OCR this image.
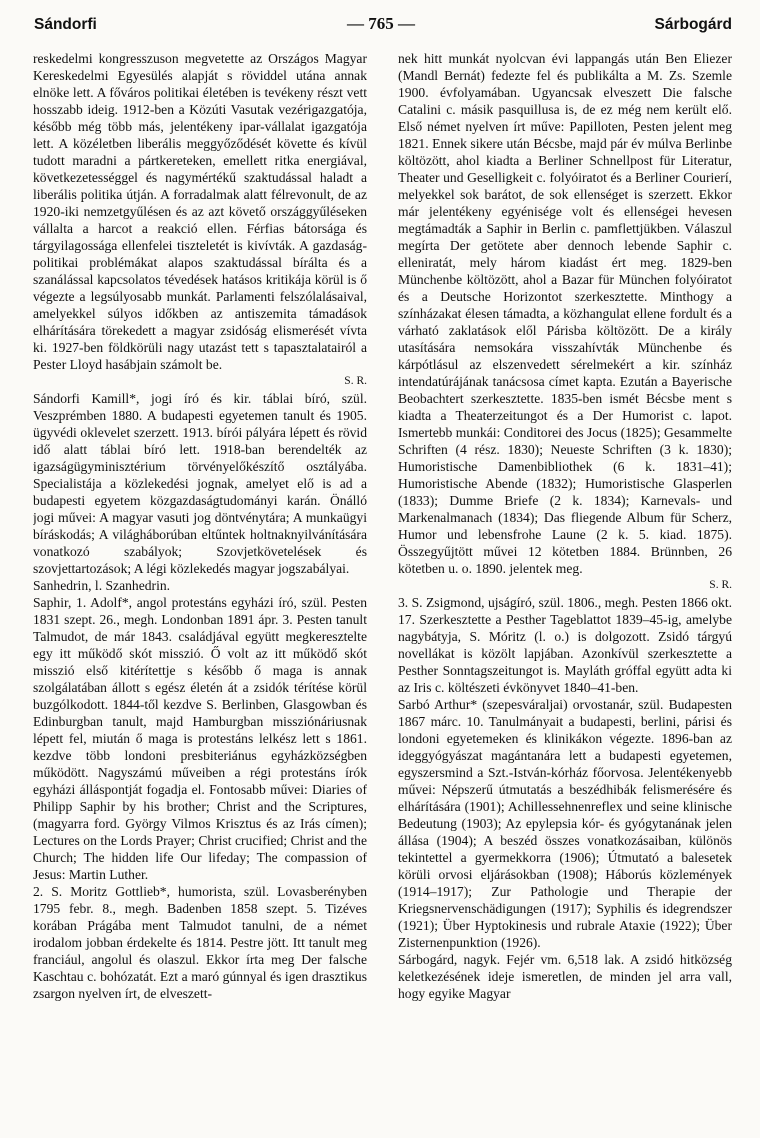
Sándorfi	— 765 —	Sárbogárd

reskedelmi kongresszuson megvetette az Országos Magyar Kereskedelmi Egyesülés alapját s röviddel utána annak elnöke lett. A főváros politikai életében is tevékeny részt vett hosszabb ideig. 1912-ben a Közúti Vasutak vezérigazgatója, később még több más, jelentékeny ipar-vállalat igazgatója lett. A közéletben liberális meggyőződését követte és kívül tudott maradni a pártkereteken, emellett ritka energiával, következetességgel és nagymértékű szaktudással haladt a liberális politika útján. A forradalmak alatt félrevonult, de az 1920-iki nemzetgyűlésen és az azt követő országgyűléseken vállalta a harcot a reakció ellen. Férfias bátorsága és tárgyilagossága ellenfelei tiszteletét is kivívták. A gazdaság-politikai problémákat alapos szaktudással bírálta és a szanálással kapcsolatos tévedések hatásos kritikája körül is ő végezte a legsúlyosabb munkát. Parlamenti felszólalásaival, amelyekkel súlyos időkben az antiszemita támadások elhárítására törekedett a magyar zsidóság elismerését vívta ki. 1927-ben földkörüli nagy utazást tett s tapasztalatairól a Pester Lloyd hasábjain számolt be.

S. R.

Sándorfi Kamill*, jogi író és kir. táblai bíró, szül. Veszprémben 1880. A budapesti egyetemen tanult és 1905. ügyvédi oklevelet szerzett. 1913. bírói pályára lépett és rövid idő alatt táblai bíró lett. 1918-ban berendelték az igazságügyminisztérium törvényelőkészítő osztályába. Specialistája a közlekedési jognak, amelyet elő is ad a budapesti egyetem közgazdaságtudományi karán. Önálló jogi művei: A magyar vasuti jog döntvénytára; A munkaügyi bíráskodás; A világháborúban eltűntek holtnaknyilvánítására vonatkozó szabályok; Szovjetkövetelések és szovjettartozások; A légi közlekedés magyar jogszabályai.

Sanhedrin, l. Szanhedrin.

Saphir, 1. Adolf*, angol protestáns egyházi író, szül. Pesten 1831 szept. 26., megh. Londonban 1891 ápr. 3. Pesten tanult Talmudot, de már 1843. családjával együtt megkeresztelte egy itt működő skót misszió. Ő volt az itt működő skót misszió első kitérítettje s később ő maga is annak szolgálatában állott s egész életén át a zsidók térítése körül buzgólkodott. 1844-től kezdve S. Berlinben, Glasgowban és Edinburgban tanult, majd Hamburgban missziónáriusnak lépett fel, miután ő maga is protestáns lelkész lett s 1861. kezdve több londoni presbiteriánus egyházközségben működött. Nagyszámú műveiben a régi protestáns írók egyházi álláspontját fogadja el. Fontosabb művei: Diaries of Philipp Saphir by his brother; Christ and the Scriptures, (magyarra ford. György Vilmos Krisztus és az Irás címen); Lectures on the Lords Prayer; Christ crucified; Christ and the Church; The hidden life Our lifeday; The compassion of Jesus: Martin Luther.

2. S. Moritz Gottlieb*, humorista, szül. Lovasberényben 1795 febr. 8., megh. Badenben 1858 szept. 5. Tizéves korában Prágába ment Talmudot tanulni, de a német irodalom jobban érdekelte és 1814. Pestre jött. Itt tanult meg franciául, angolul és olaszul. Ekkor írta meg Der falsche Kaschtau c. bohózatát. Ezt a maró gúnnyal és igen drasztikus zsargon nyelven írt, de elveszett-

nek hitt munkát nyolcvan évi lappangás után Ben Eliezer (Mandl Bernát) fedezte fel és publikálta a M. Zs. Szemle 1900. évfolyamában. Ugyancsak elveszett Die falsche Catalini c. másik pasquillusa is, de ez még nem került elő. Első német nyelven írt műve: Papilloten, Pesten jelent meg 1821. Ennek sikere után Bécsbe, majd pár év múlva Berlinbe költözött, ahol kiadta a Berliner Schnellpost für Literatur, Theater und Geselligkeit c. folyóiratot és a Berliner Courierí, melyekkel sok barátot, de sok ellenséget is szerzett. Ekkor már jelentékeny egyénisége volt és ellenségei hevesen megtámadták a Saphir in Berlin c. pamflettjükben. Válaszul megírta Der getötete aber dennoch lebende Saphir c. elleniratát, mely három kiadást ért meg. 1829-ben Münchenbe költözött, ahol a Bazar für München folyóiratot és a Deutsche Horizontot szerkesztette. Minthogy a színházakat élesen támadta, a közhangulat ellene fordult és a várható zaklatások elől Párisba költözött. De a király utasítására nemsokára visszahívták Münchenbe és kárpótlásul az elszenvedett sérelmekért a kir. színház intendatúrájának tanácsosa címet kapta. Ezután a Bayerische Beobachtert szerkesztette. 1835-ben ismét Bécsbe ment s kiadta a Theaterzeitungot és a Der Humorist c. lapot. Ismertebb munkái: Conditorei des Jocus (1825); Gesammelte Schriften (4 rész. 1830); Neueste Schriften (3 k. 1830); Humoristische Damenbibliothek (6 k. 1831–41); Humoristische Abende (1832); Humoristische Glasperlen (1833); Dumme Briefe (2 k. 1834); Karnevals- und Markenalmanach (1834); Das fliegende Album für Scherz, Humor und lebensfrohe Laune (2 k. 5. kiad. 1875). Összegyűjtött művei 12 kötetben 1884. Brünnben, 26 kötetben u. o. 1890. jelentek meg.

S. R.

3. S. Zsigmond, ujságíró, szül. 1806., megh. Pesten 1866 okt. 17. Szerkesztette a Pesther Tageblattot 1839–45-ig, amelybe nagybátyja, S. Móritz (l. o.) is dolgozott. Zsidó tárgyú novellákat is közölt lapjában. Azonkívül szerkesztette a Pesther Sonntagszeitungot is. Mayláth gróffal együtt adta ki az Iris c. költészeti évkönyvet 1840–41-ben.

Sarbó Arthur* (szepesváraljai) orvostanár, szül. Budapesten 1867 márc. 10. Tanulmányait a budapesti, berlini, párisi és londoni egyetemeken és klinikákon végezte. 1896-ban az ideggyógyászat magántanára lett a budapesti egyetemen, egyszersmind a Szt.-István-kórház főorvosa. Jelentékenyebb művei: Népszerű útmutatás a beszédhibák felismerésére és elhárítására (1901); Achillessehnenreflex und seine klinische Bedeutung (1903); Az epylepsia kór- és gyógytanának jelen állása (1904); A beszéd összes vonatkozásaiban, különös tekintettel a gyermekkorra (1906); Útmutató a balesetek körüli orvosi eljárásokban (1908); Háborús közlemények (1914–1917); Zur Pathologie und Therapie der Kriegsnervenschädigungen (1917); Syphilis és idegrendszer (1921); Über Hyptokinesis und rubrale Ataxie (1922); Über Zisternenpunktion (1926).

Sárbogárd, nagyk. Fejér vm. 6,518 lak. A zsidó hitközség keletkezésének ideje ismeretlen, de minden jel arra vall, hogy egyike Magyar
